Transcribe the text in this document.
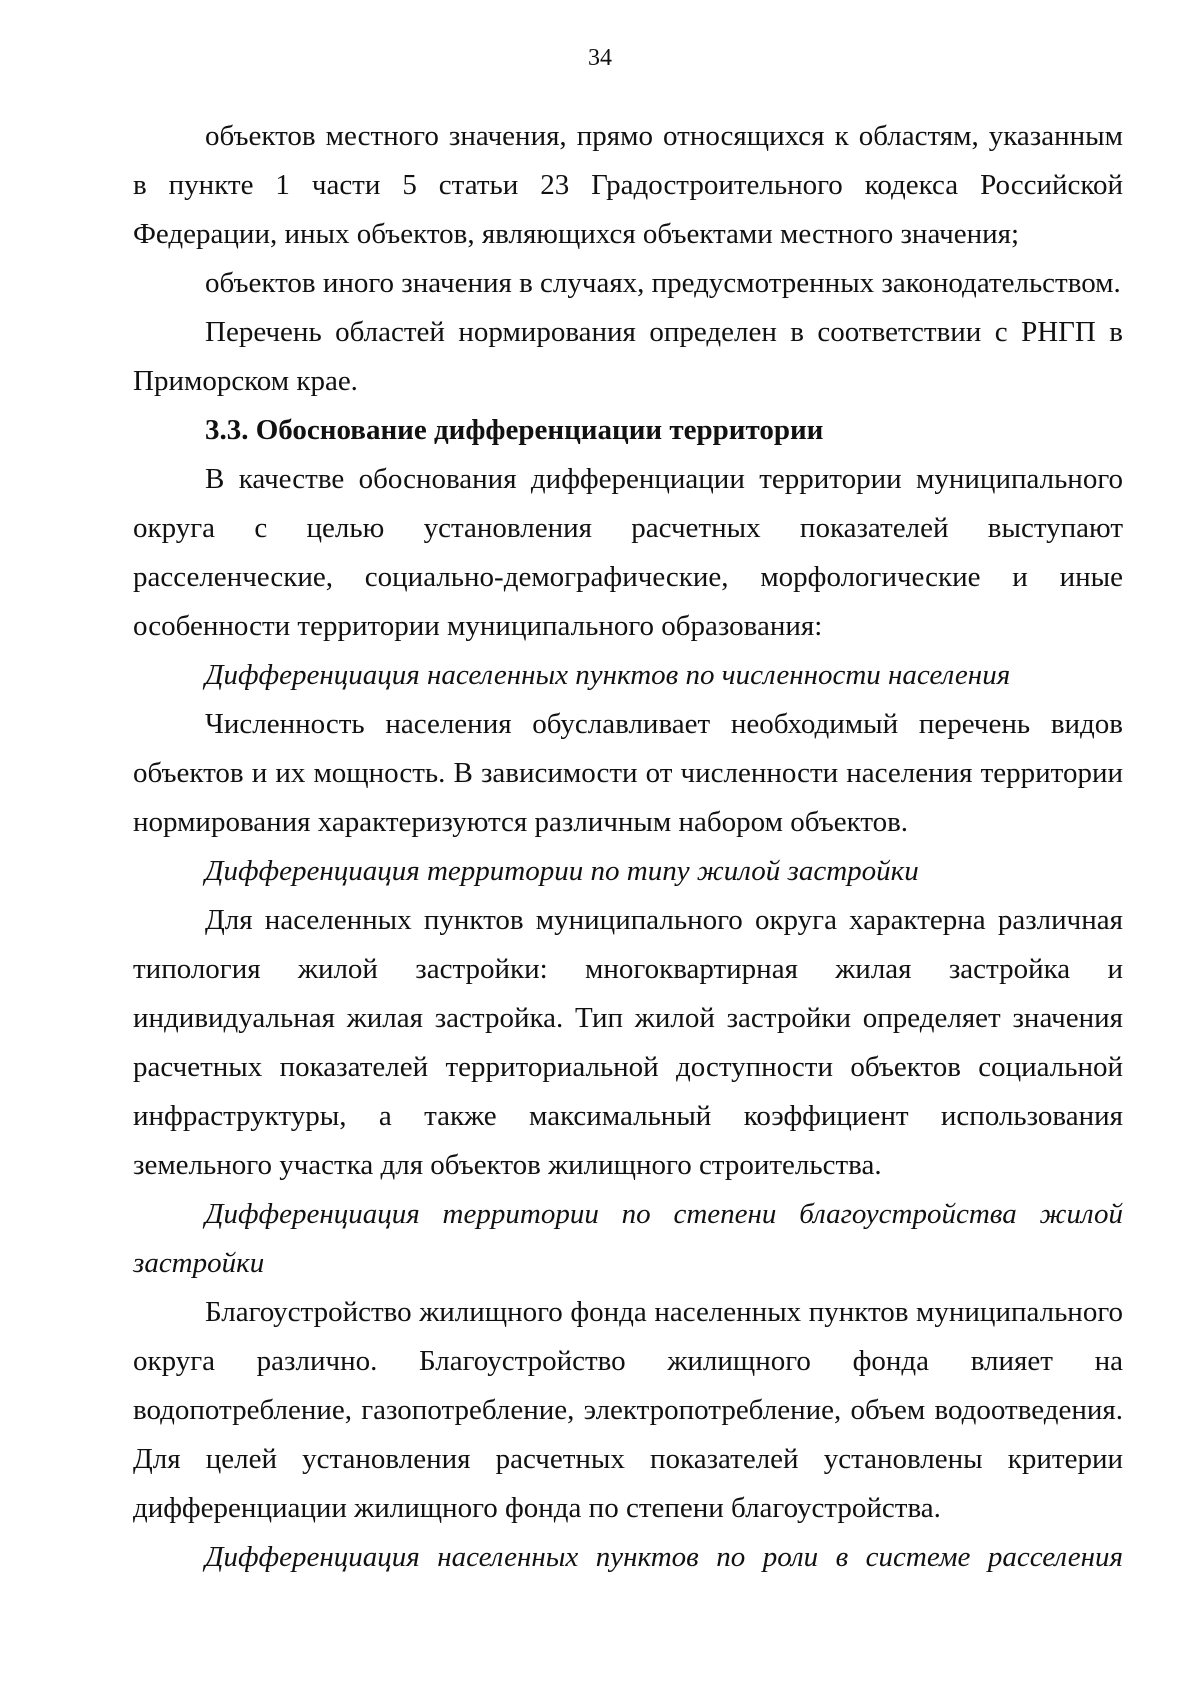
34

объектов местного значения, прямо относящихся к областям, указанным в пункте 1 части 5 статьи 23 Градостроительного кодекса Российской Федерации, иных объектов, являющихся объектами местного значения;

объектов иного значения в случаях, предусмотренных законодательством.

Перечень областей нормирования определен в соответствии с РНГП в Приморском крае.

3.3. Обоснование дифференциации территории

В качестве обоснования дифференциации территории муниципального округа с целью установления расчетных показателей выступают расселенческие, социально-демографические, морфологические и иные особенности территории муниципального образования:

Дифференциация населенных пунктов по численности населения

Численность населения обуславливает необходимый перечень видов объектов и их мощность. В зависимости от численности населения территории нормирования характеризуются различным набором объектов.

Дифференциация территории по типу жилой застройки

Для населенных пунктов муниципального округа характерна различная типология жилой застройки: многоквартирная жилая застройка и индивидуальная жилая застройка. Тип жилой застройки определяет значения расчетных показателей территориальной доступности объектов социальной инфраструктуры, а также максимальный коэффициент использования земельного участка для объектов жилищного строительства.

Дифференциация территории по степени благоустройства жилой застройки

Благоустройство жилищного фонда населенных пунктов муниципального округа различно. Благоустройство жилищного фонда влияет на водопотребление, газопотребление, электропотребление, объем водоотведения. Для целей установления расчетных показателей установлены критерии дифференциации жилищного фонда по степени благоустройства.

Дифференциация населенных пунктов по роли в системе расселения
